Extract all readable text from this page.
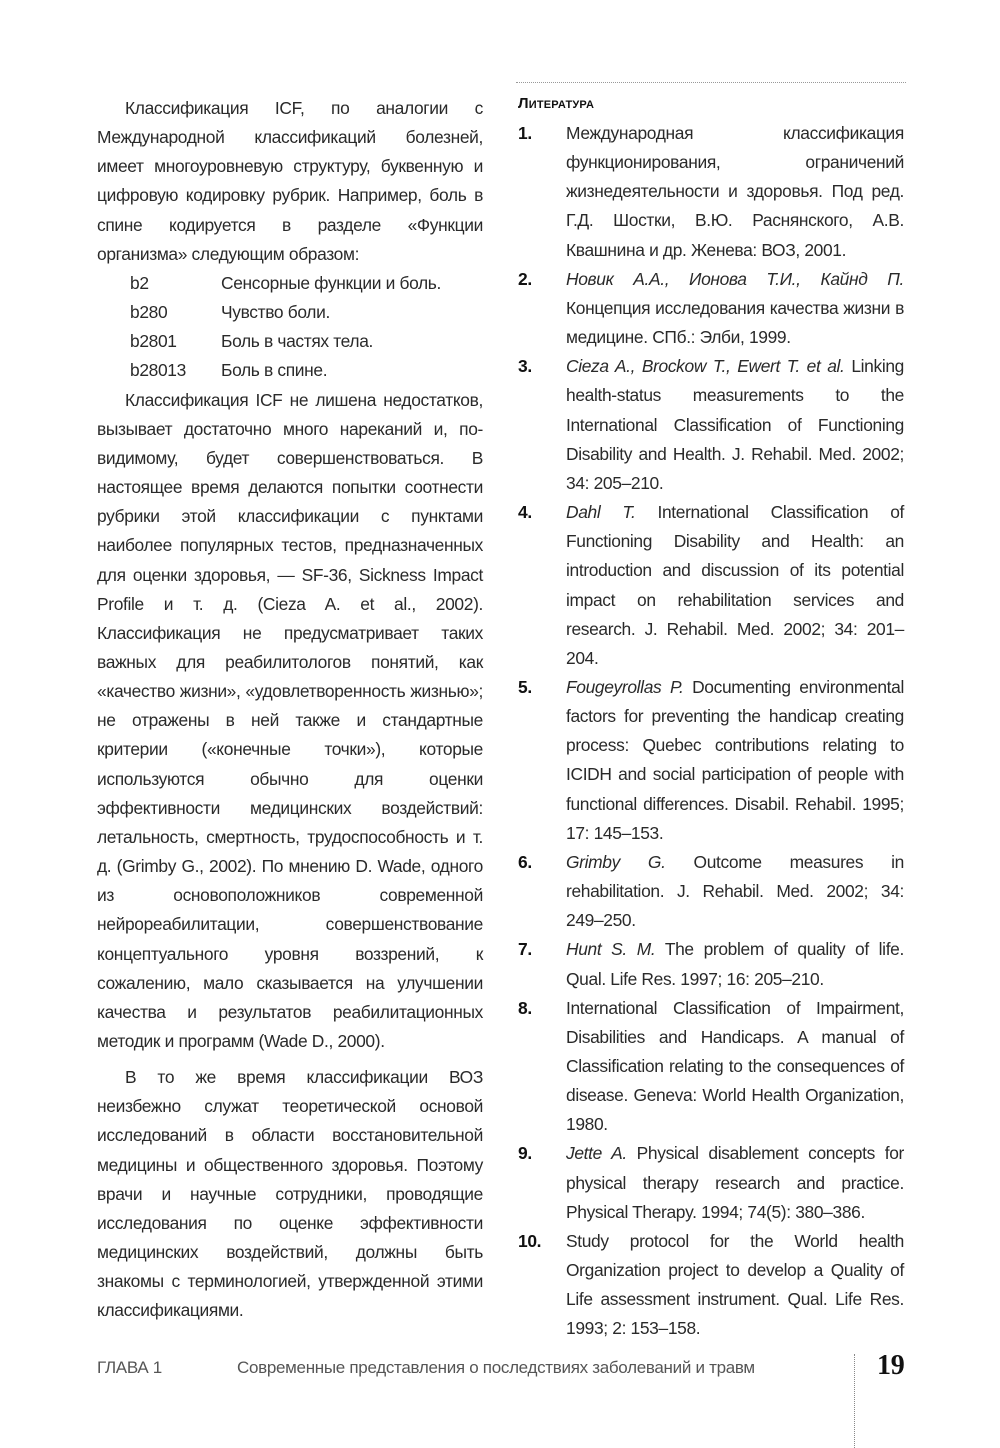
Классификация ICF, по аналогии с Международной классификаций болезней, имеет многоуровневую структуру, буквенную и цифровую кодировку рубрик. Например, боль в спине кодируется в разделе «Функции организма» следующим образом:

b2	Сенсорные функции и боль.
b280	Чувство боли.
b2801	Боль в частях тела.
b28013	Боль в спине.

Классификация ICF не лишена недостатков, вызывает достаточно много нареканий и, по-видимому, будет совершенствоваться. В настоящее время делаются попытки соотнести рубрики этой классификации с пунктами наиболее популярных тестов, предназначенных для оценки здоровья, — SF-36, Sickness Impact Profile и т. д. (Cieza A. et al., 2002). Классификация не предусматривает таких важных для реабилитологов понятий, как «качество жизни», «удовлетворенность жизнью»; не отражены в ней также и стандартные критерии («конечные точки»), которые используются обычно для оценки эффективности медицинских воздействий: летальность, смертность, трудоспособность и т. д. (Grimby G., 2002). По мнению D. Wade, одного из основоположников современной нейрореабилитации, совершенствование концептуального уровня воззрений, к сожалению, мало сказывается на улучшении качества и результатов реабилитационных методик и программ (Wade D., 2000).

В то же время классификации ВОЗ неизбежно служат теоретической основой исследований в области восстановительной медицины и общественного здоровья. Поэтому врачи и научные сотрудники, проводящие исследования по оценке эффективности медицинских воздействий, должны быть знакомы с терминологией, утвержденной этими классификациями.

Литература
1.	Международная классификация функционирования, ограничений жизнедеятельности и здоровья. Под ред. Г.Д. Шостки, В.Ю. Раснянского, А.В. Квашнина и др. Женева: ВОЗ, 2001.
2.	Новик А.А., Ионова Т.И., Кайнд П. Концепция исследования качества жизни в медицине. СПб.: Элби, 1999.
3.	Cieza A., Brockow T., Ewert T. et al. Linking health-status measurements to the International Classification of Functioning Disability and Health. J. Rehabil. Med. 2002; 34: 205–210.
4.	Dahl T. International Classification of Functioning Disability and Health: an introduction and discussion of its potential impact on rehabilitation services and research. J. Rehabil. Med. 2002; 34: 201–204.
5.	Fougeyrollas P. Documenting environmental factors for preventing the handicap creating process: Quebec contributions relating to ICIDH and social participation of people with functional differences. Disabil. Rehabil. 1995; 17: 145–153.
6.	Grimby G. Outcome measures in rehabilitation. J. Rehabil. Med. 2002; 34: 249–250.
7.	Hunt S. M. The problem of quality of life. Qual. Life Res. 1997; 16: 205–210.
8.	International Classification of Impairment, Disabilities and Handicaps. A manual of Classification relating to the consequences of disease. Geneva: World Health Organization, 1980.
9.	Jette A. Physical disablement concepts for physical therapy research and practice. Physical Therapy. 1994; 74(5): 380–386.
10.	Study protocol for the World health Organization project to develop a Quality of Life assessment instrument. Qual. Life Res. 1993; 2: 153–158.
ГЛАВА 1	Современные представления о последствиях заболеваний и травм	19
